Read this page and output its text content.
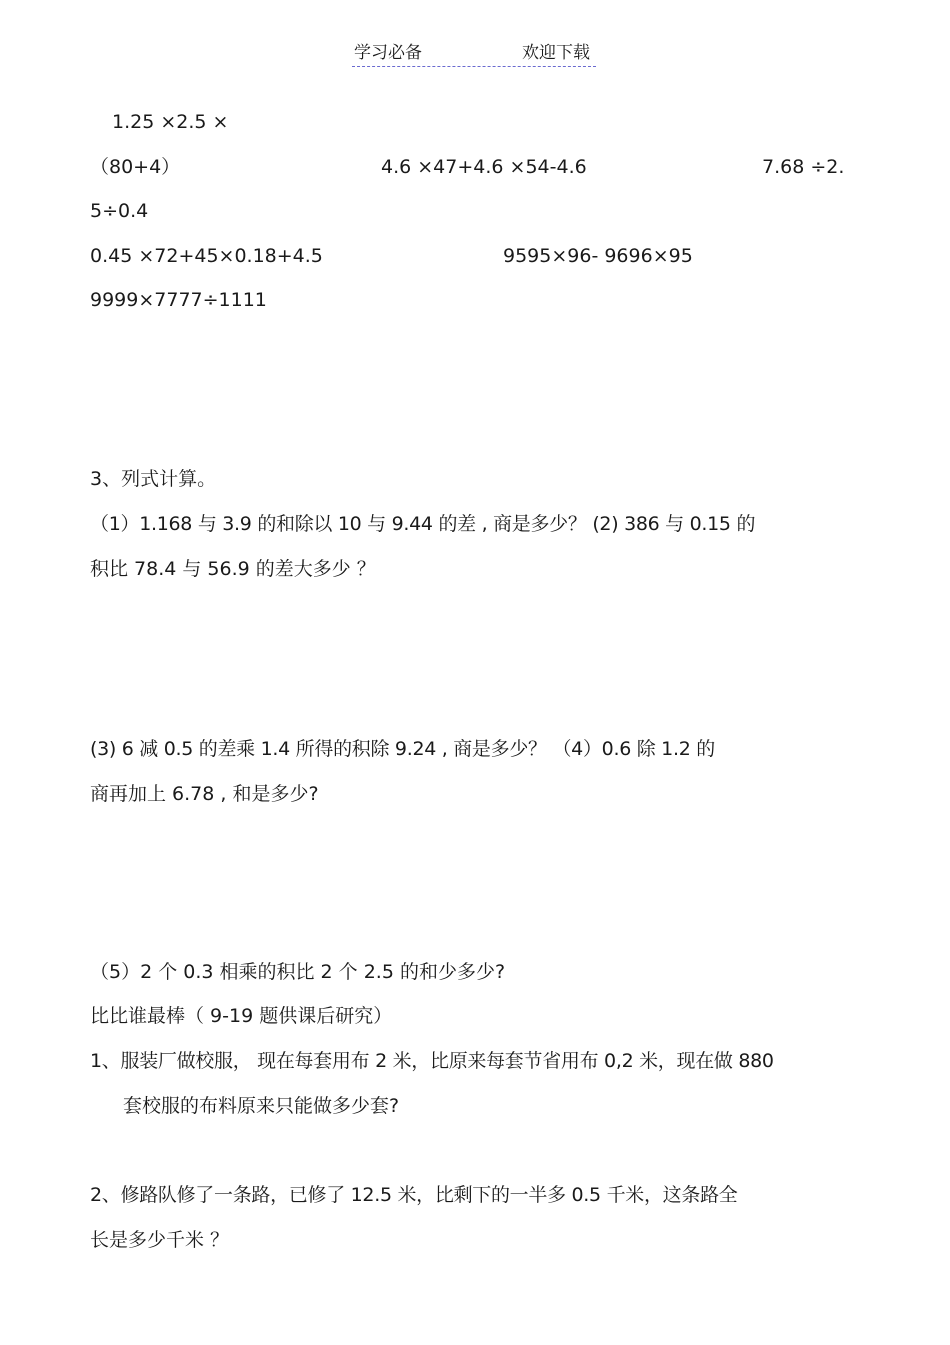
学习必备	欢迎下载
1.25 ×2.5 ×
（80+4）	4.6 ×47+4.6 ×54-4.6	7.68 ÷2.
5÷0.4
0.45 ×72+45×0.18+4.5	9595×96- 9696×95
9999×7777÷1111
3、列式计算。
（1）1.168 与 3.9 的和除以 10 与 9.44 的差 , 商是多少？ (2) 386 与 0.15 的
积比 78.4 与 56.9 的差大多少 ？
(3) 6 减 0.5 的差乘 1.4 所得的积除 9.24 , 商是多少？ （4）0.6 除 1.2 的
商再加上 6.78 , 和是多少?
（5）2 个 0.3 相乘的积比 2 个 2.5 的和少多少?
比比谁最棒（ 9-19 题供课后研究）
1、服装厂做校服， 现在每套用布 2 米，比原来每套节省用布 0,2 米，现在做 880
套校服的布料原来只能做多少套?
2、修路队修了一条路，已修了 12.5 米，比剩下的一半多 0.5 千米，这条路全
长是多少千米 ？
